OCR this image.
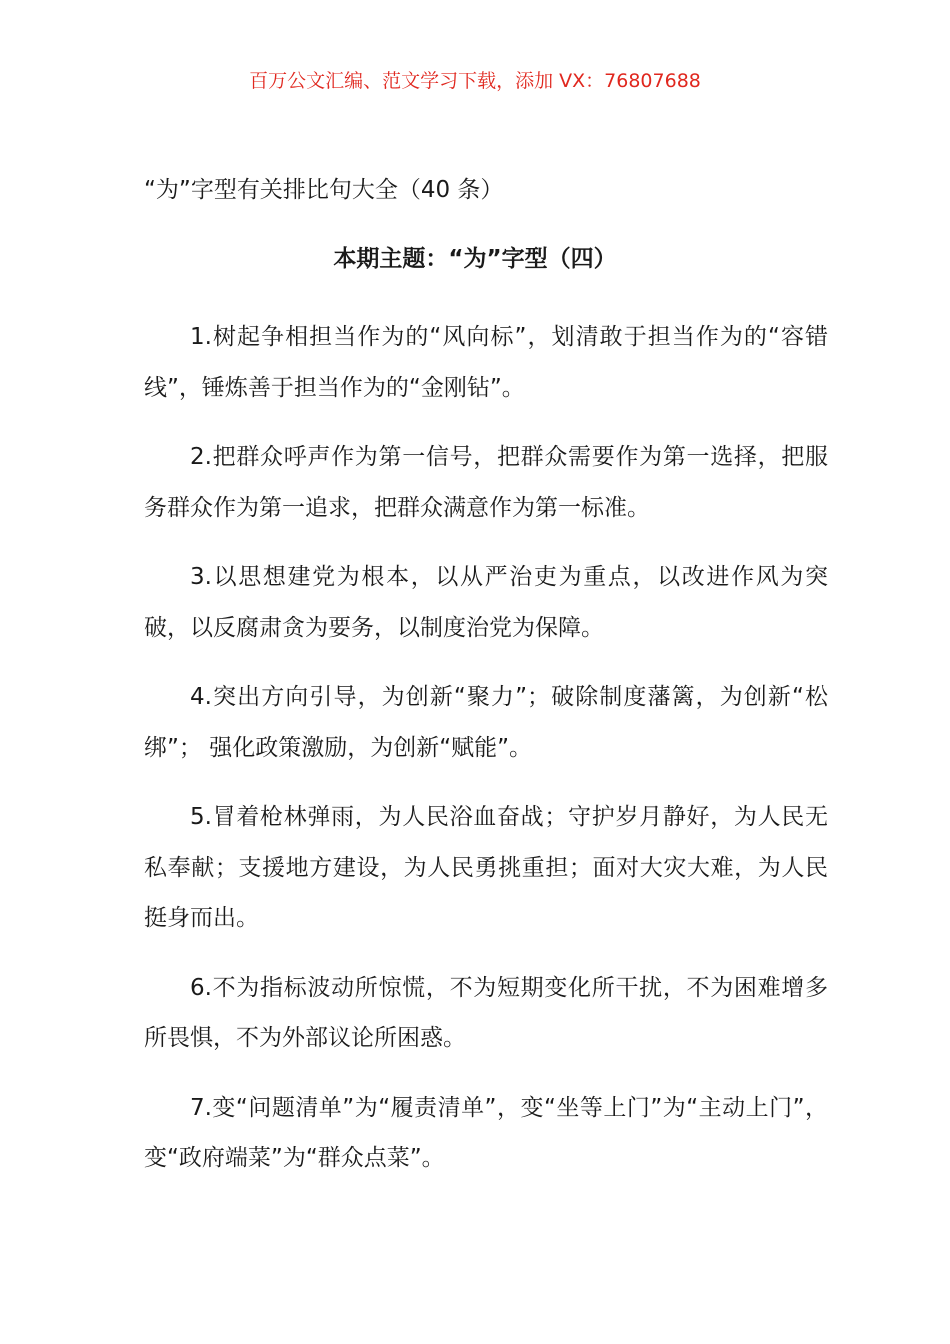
百万公文汇编、范文学习下载，添加 VX：76807688
“为”字型有关排比句大全（40 条）
本期主题：“为”字型（四）

1.树起争相担当作为的“风向标”，划清敢于担当作为的“容错线”，锤炼善于担当作为的“金刚钻”。

2.把群众呼声作为第一信号，把群众需要作为第一选择，把服务群众作为第一追求，把群众满意作为第一标准。

3.以思想建党为根本，以从严治吏为重点，以改进作风为突破，以反腐肃贪为要务，以制度治党为保障。

4.突出方向引导，为创新“聚力”；破除制度藩篱，为创新“松绑”； 强化政策激励，为创新“赋能”。

5.冒着枪林弹雨，为人民浴血奋战；守护岁月静好，为人民无私奉献；支援地方建设，为人民勇挑重担；面对大灾大难，为人民挺身而出。

6.不为指标波动所惊慌，不为短期变化所干扰，不为困难增多所畏惧，不为外部议论所困惑。

7.变“问题清单”为“履责清单”，变“坐等上门”为“主动上门”，变“政府端菜”为“群众点菜”。
